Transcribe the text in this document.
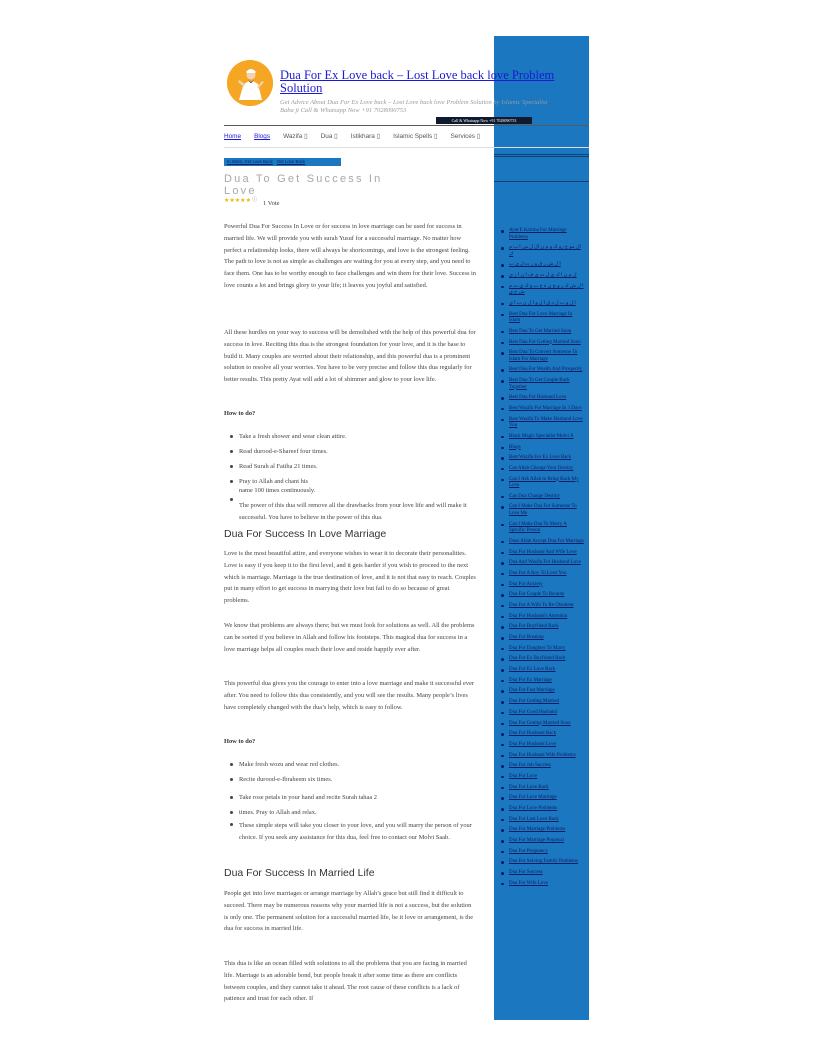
Ayat E Karima For Marriage Problems
ال مو ح رو ك و م ن ال ل س ا ب م ك
ا ل ش ر ق و ز ت ل ي ب
ل م ن ا ك ي ل ت ي ف ا ن ا ز ى
ا ل ش ك ر و ج ن ة ح ب و ك ي ت م ش ح ي
ا ل و ب ل د ق ا ل و ا ل ن ب ا ى
Best Dua For Love Marriage In Islam
Best Dua To Get Married Soon
Best Dua For Getting Married Soon
Best Dua To Convert Someone To Islam For Marriage
Best Dua For Wealth And Prosperity
Best Dua To Get Couple Back Together
Best Dua For Husband Love
Best Wazifa For Marriage In 3 Days
Best Wazifa To Make Husband Love You
Black Magic Specialist Molvi Ji
Blogs
Best Wazifa For Ex Love Back
Can Allah Change Your Destiny
Can I Ask Allah to Bring Back My Love
Can Dua Change Destiny
Can I Make Dua For Someone To Love Me
Can I Make Dua To Marry A Specific Person
Does Allah Accept Dua For Marriage
Dua For Husband And Wife Love
Dua And Wazifa For Husband Love
Dua For A Boy To Love You
Dua For Anxiety
Dua For Couple To Reunite
Dua For A Wife To Be Obedient
Dua For Husband's Attention
Dua For Boyfriend Back
Dua For Breakup
Dua For Daughter To Marry
Dua For Ex Boyfriend Back
Dua For Ex Love Back
Dua For Ex Marriage
Dua For Fast Marriage
Dua For Getting Married
Dua For Good Husband
Dua For Getting Married Soon
Dua For Husband Back
Dua For Husband Love
Dua For Husband Wife Problems
Dua For Job Success
Dua For Love
Dua For Love Back
Dua For Love Marriage
Dua For Love Problems
Dua For Lost Love Back
Dua For Marriage Problems
Dua For Marriage Proposal
Dua For Pregnancy
Dua For Solving Family Problems
Dua For Success
Dua For Wife Love
Dua For Ex Love back – Lost Love back love Problem Solution

Get Advice About Dua For Ex Love back – Lost Love back love Problem Solution by Islamic Specialist Baba ji Call & Whatsapp Now +91 7028090753

Call & Whatsapp Now +91 7028090753
Home Blogs Wazifa ▯ Dua ▯ Istikhara ▯ Islamic Spells ▯ Services ▯
In Islam, Get Love Back Get Love Back
Dua To Get Success In Love
★ ★ ★ ★ ★ ⓘ 1 Vote

Powerful Dua For Success In Love or for success in love marriage can be used for success in married life. We will provide you with surah Yusuf for a successful marriage. No matter how perfect a relationship looks, there will always be shortcomings, and love is the strongest feeling. The path to love is not as simple as challenges are waiting for you at every step, and you need to face them. One has to be worthy enough to face challenges and win them for their love. Success in love counts a lot and brings glory to your life; it leaves you joyful and satisfied.

All these hurdles on your way to success will be demolished with the help of this powerful dua for success in love. Reciting this dua is the strongest foundation for your love, and it is the base to build it. Many couples are worried about their relationship, and this powerful dua is a prominent solution to resolve all your worries. You have to be very precise and follow this dua regularly for better results. This pretty Ayat will add a lot of shimmer and glow to your love life.

How to do?

Take a fresh shower and wear clean attire.
Read durood-e-Shareef four times.
Read Surah al Fatiha 21 times.
Pray to Allah and chant his name 100 times continuously.

The power of this dua will remove all the drawbacks from your love life and will make it successful. You have to believe in the power of this dua.

Dua For Success In Love Marriage

Love is the most beautiful attire, and everyone wishes to wear it to decorate their personalities. Love is easy if you keep it to the first level, and it gets harder if you wish to proceed to the next which is marriage. Marriage is the true destination of love, and it is not that easy to reach. Couples put in many effort to get success in marrying their love but fail to do so because of great problems.

We know that problems are always there; but we must look for solutions as well. All the problems can be sorted if you believe in Allah and follow his footsteps. This magical dua for success in a love marriage helps all couples reach their love and reside happily ever after.

This powerful dua gives you the courage to enter into a love marriage and make it successful ever after. You need to follow this dua consistently, and you will see the results. Many people’s lives have completely changed with the dua’s help, which is easy to follow.

How to do?

Make fresh wozu and wear red clothes.
Recite durood-e-Ibraheem six times.
Take rose petals in your hand and recite Surah tahaa 2
times. Pray to Allah and relax.
These simple steps will take you closer to your love, and you will marry the person of your choice. If you seek any assistance for this dua, feel free to contact our Molvi Saab.
Dua For Success In Married Life

People get into love marriages or arrange marriage by Allah’s grace but still find it difficult to succeed. There may be numerous reasons why your married life is not a success, but the solution is only one. The permanent solution for a successful married life, be it love or arrangement, is the dua for success in married life.

This dua is like an ocean filled with solutions to all the problems that you are facing in married life. Marriage is an adorable bond, but people break it after some time as there are conflicts between couples, and they cannot take it ahead. The root cause of these conflicts is a lack of patience and trust for each other. If
